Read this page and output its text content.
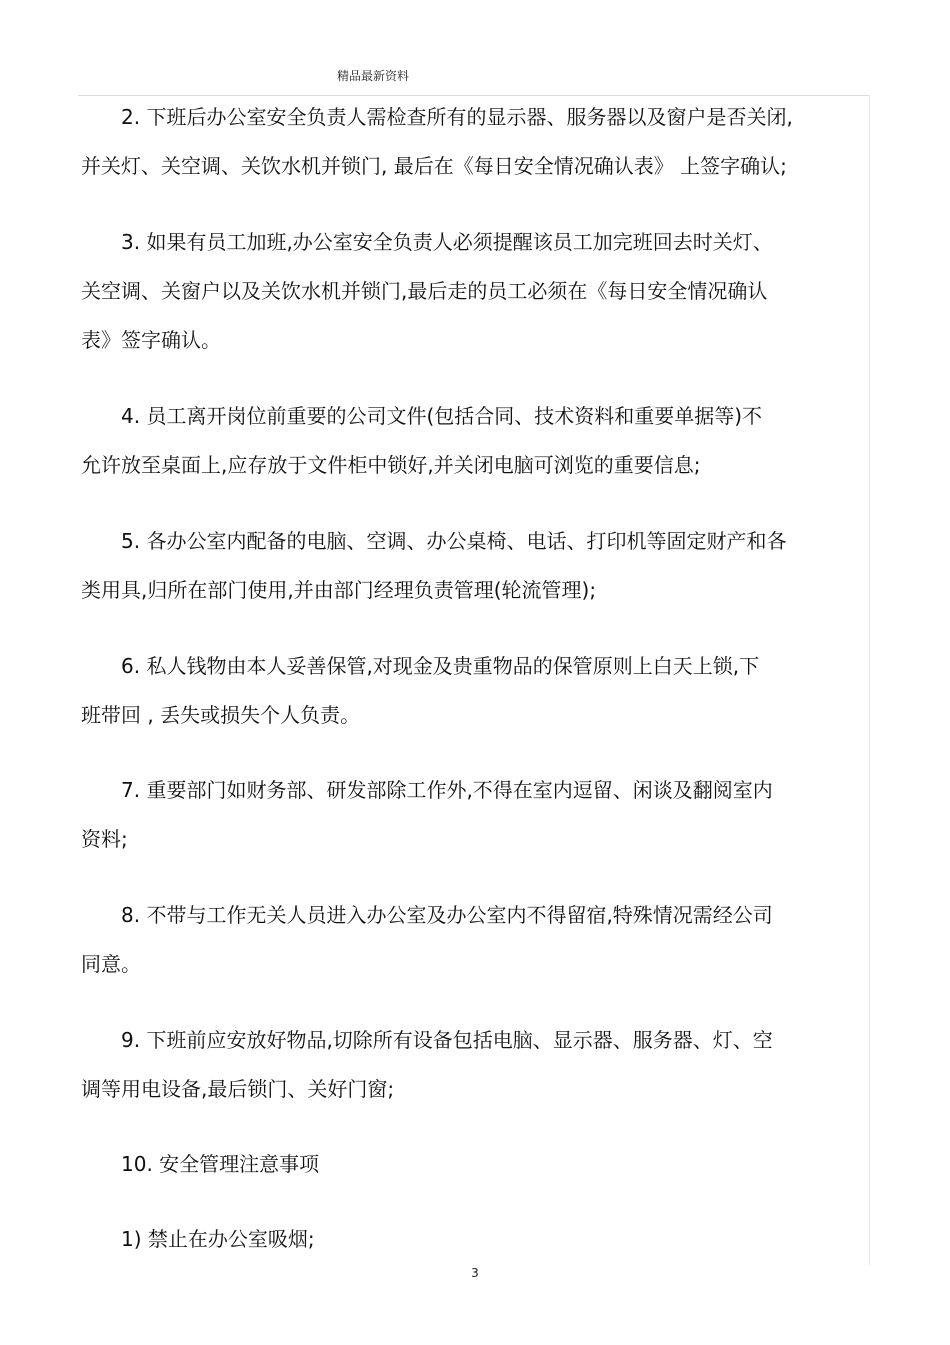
精品最新资料

2. 下班后办公室安全负责人需检查所有的显示器、服务器以及窗户是否关闭,
并关灯、关空调、关饮水机并锁门, 最后在《每日安全情况确认表》 上签字确认;

3. 如果有员工加班,办公室安全负责人必须提醒该员工加完班回去时关灯、
关空调、关窗户以及关饮水机并锁门,最后走的员工必须在《每日安全情况确认
表》签字确认。

4. 员工离开岗位前重要的公司文件(包括合同、技术资料和重要单据等)不
允许放至桌面上,应存放于文件柜中锁好,并关闭电脑可浏览的重要信息;

5. 各办公室内配备的电脑、空调、办公桌椅、电话、打印机等固定财产和各
类用具,归所在部门使用,并由部门经理负责管理(轮流管理);

6. 私人钱物由本人妥善保管,对现金及贵重物品的保管原则上白天上锁,下
班带回 , 丢失或损失个人负责。

7. 重要部门如财务部、研发部除工作外,不得在室内逗留、闲谈及翻阅室内
资料;

8. 不带与工作无关人员进入办公室及办公室内不得留宿,特殊情况需经公司
同意。

9. 下班前应安放好物品,切除所有设备包括电脑、显示器、服务器、灯、空
调等用电设备,最后锁门、关好门窗;

10. 安全管理注意事项

1) 禁止在办公室吸烟;

3
